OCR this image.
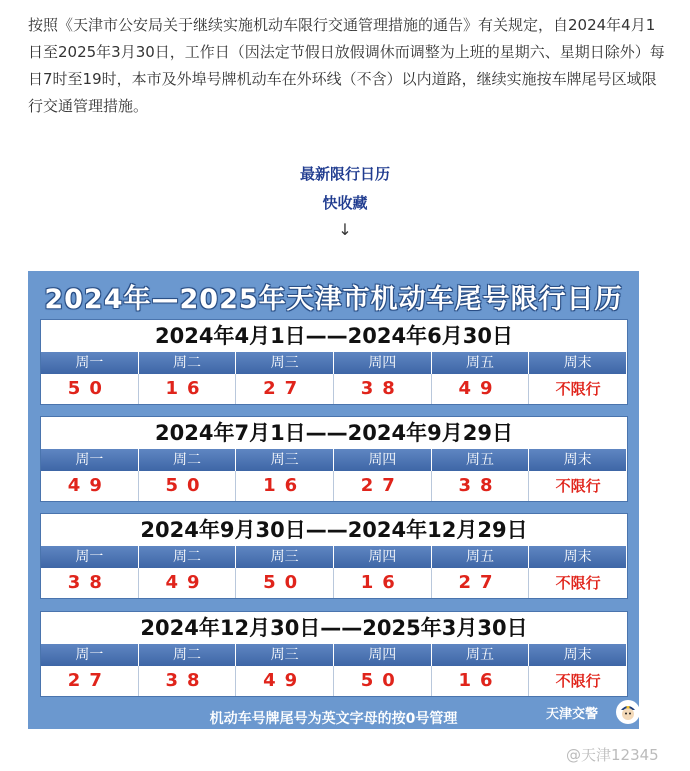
按照《天津市公安局关于继续实施机动车限行交通管理措施的通告》有关规定，自2024年4月1日至2025年3月30日，工作日（因法定节假日放假调休而调整为上班的星期六、星期日除外）每日7时至19时，本市及外埠号牌机动车在外环线（不含）以内道路，继续实施按车牌尾号区域限行交通管理措施。
最新限行日历
快收藏
↓
2024年—2025年天津市机动车尾号限行日历
2024年4月1日——2024年6月30日
周一	周二	周三	周四	周五	周末
50	16	27	38	49	不限行
2024年7月1日——2024年9月29日
周一	周二	周三	周四	周五	周末
49	50	16	27	38	不限行
2024年9月30日——2024年12月29日
周一	周二	周三	周四	周五	周末
38	49	50	16	27	不限行
2024年12月30日——2025年3月30日
周一	周二	周三	周四	周五	周末
27	38	49	50	16	不限行
机动车号牌尾号为英文字母的按0号管理	天津交警
@天津12345
